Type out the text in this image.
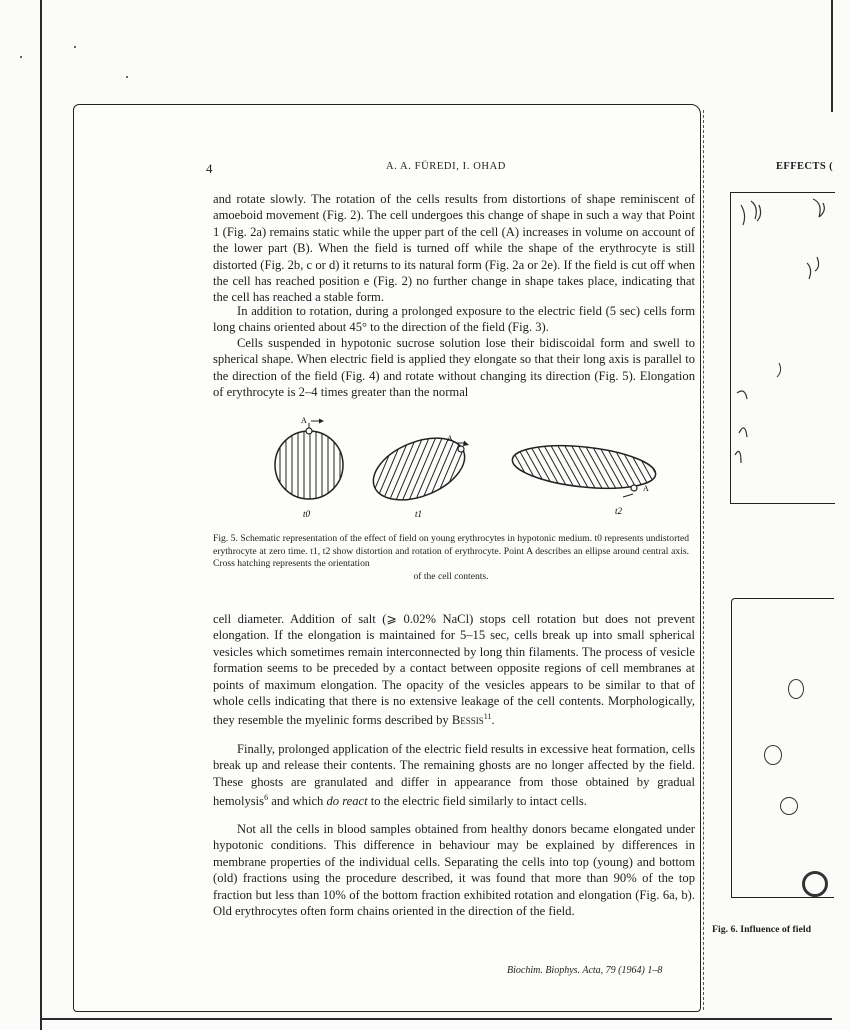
4	A. A. FÜREDI, I. OHAD

and rotate slowly. The rotation of the cells results from distortions of shape reminiscent of amoeboid movement (Fig. 2). The cell undergoes this change of shape in such a way that Point 1 (Fig. 2a) remains static while the upper part of the cell (A) increases in volume on account of the lower part (B). When the field is turned off while the shape of the erythrocyte is still distorted (Fig. 2b, c or d) it returns to its natural form (Fig. 2a or 2e). If the field is cut off when the cell has reached position e (Fig. 2) no further change in shape takes place, indicating that the cell has reached a stable form.

In addition to rotation, during a prolonged exposure to the electric field (5 sec) cells form long chains oriented about 45° to the direction of the field (Fig. 3).

Cells suspended in hypotonic sucrose solution lose their bidiscoidal form and swell to spherical shape. When electric field is applied they elongate so that their long axis is parallel to the direction of the field (Fig. 4) and rotate without changing its direction (Fig. 5). Elongation of erythrocyte is 2–4 times greater than the normal

A
t0
A
t1
A
t2
Fig. 5. Schematic representation of the effect of field on young erythrocytes in hypotonic medium. t0 represents undistorted erythrocyte at zero time. t1, t2 show distortion and rotation of erythrocyte. Point A describes an ellipse around central axis. Cross hatching represents the orientation
of the cell contents.

cell diameter. Addition of salt (⩾ 0.02% NaCl) stops cell rotation but does not prevent elongation. If the elongation is maintained for 5–15 sec, cells break up into small spherical vesicles which sometimes remain interconnected by long thin filaments. The process of vesicle formation seems to be preceded by a contact between opposite regions of cell membranes at points of maximum elongation. The opacity of the vesicles appears to be similar to that of whole cells indicating that there is no extensive leakage of the cell contents. Morphologically, they resemble the myelinic forms described by Bessis$^{11}$.

Finally, prolonged application of the electric field results in excessive heat formation, cells break up and release their contents. The remaining ghosts are no longer affected by the field. These ghosts are granulated and differ in appearance from those obtained by gradual hemolysis$^6$ and which do react to the electric field similarly to intact cells.

Not all the cells in blood samples obtained from healthy donors became elongated under hypotonic conditions. This difference in behaviour may be explained by differences in membrane properties of the individual cells. Separating the cells into top (young) and bottom (old) fractions using the procedure described, it was found that more than 90% of the top fraction but less than 10% of the bottom fraction exhibited rotation and elongation (Fig. 6a, b). Old erythrocytes often form chains oriented in the direction of the field.

Biochim. Biophys. Acta, 79 (1964) 1–8
EFFECTS (
Fig. 6. Influence of field
